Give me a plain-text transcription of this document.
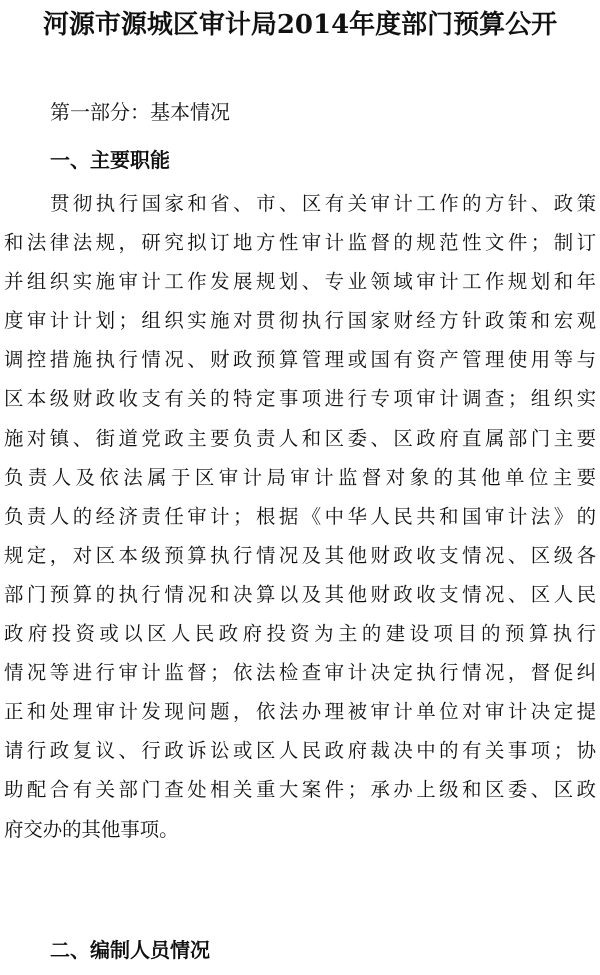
河源市源城区审计局2014年度部门预算公开
第一部分：基本情况
一、主要职能
贯彻执行国家和省、市、区有关审计工作的方针、政策
和法律法规，研究拟订地方性审计监督的规范性文件；制订
并组织实施审计工作发展规划、专业领域审计工作规划和年
度审计计划；组织实施对贯彻执行国家财经方针政策和宏观
调控措施执行情况、财政预算管理或国有资产管理使用等与
区本级财政收支有关的特定事项进行专项审计调查；组织实
施对镇、街道党政主要负责人和区委、区政府直属部门主要
负责人及依法属于区审计局审计监督对象的其他单位主要
负责人的经济责任审计；根据《中华人民共和国审计法》的
规定，对区本级预算执行情况及其他财政收支情况、区级各
部门预算的执行情况和决算以及其他财政收支情况、区人民
政府投资或以区人民政府投资为主的建设项目的预算执行
情况等进行审计监督；依法检查审计决定执行情况，督促纠
正和处理审计发现问题，依法办理被审计单位对审计决定提
请行政复议、行政诉讼或区人民政府裁决中的有关事项；协
助配合有关部门查处相关重大案件；承办上级和区委、区政
府交办的其他事项。
二、编制人员情况
